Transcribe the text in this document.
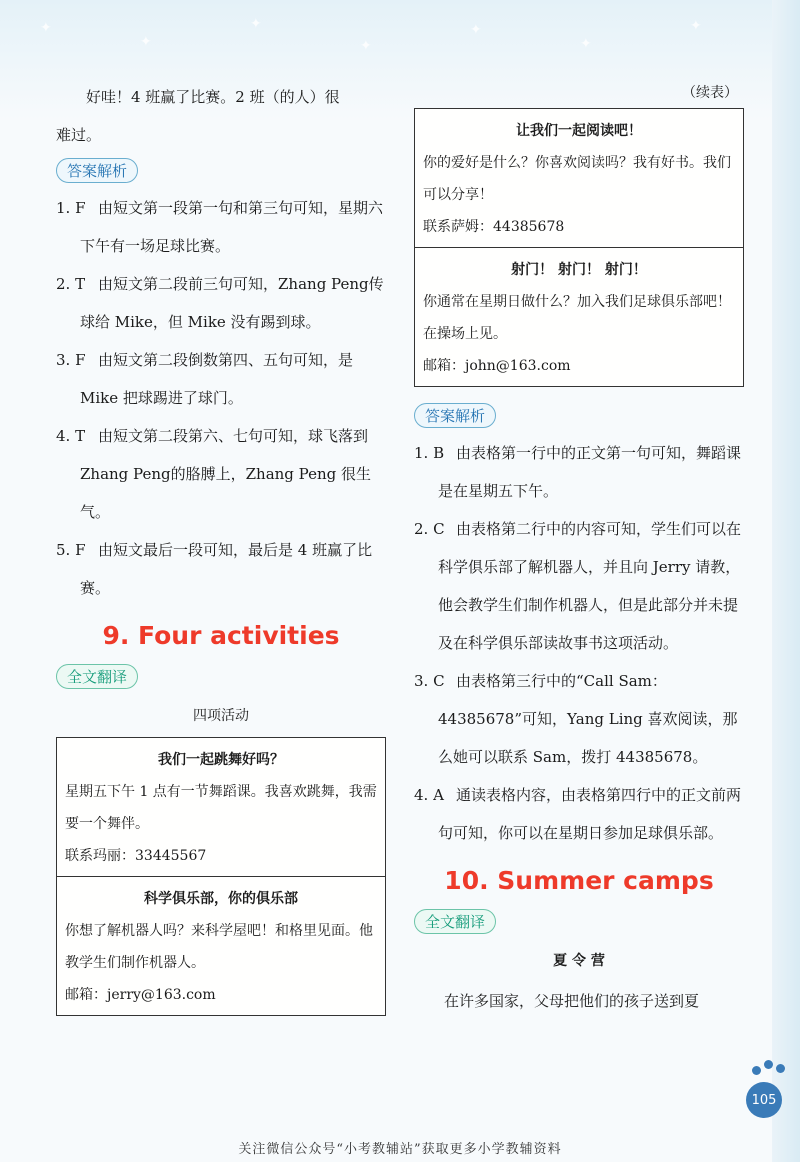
✦
✦
✦
✦
✦
✦
✦

好哇！4 班赢了比赛。2 班（的人）很

难过。

答案解析
1. F 由短文第一段第一句和第三句可知，星期六下午有一场足球比赛。
2. T 由短文第二段前三句可知，Zhang Peng传球给 Mike，但 Mike 没有踢到球。
3. F 由短文第二段倒数第四、五句可知，是Mike 把球踢进了球门。
4. T 由短文第二段第六、七句可知，球飞落到Zhang Peng的胳膊上，Zhang Peng 很生气。
5. F 由短文最后一段可知，最后是 4 班赢了比赛。
9. Four activities
全文翻译
四项活动
我们一起跳舞好吗？
星期五下午 1 点有一节舞蹈课。我喜欢跳舞，我需要一个舞伴。
联系玛丽：33445567
科学俱乐部，你的俱乐部
你想了解机器人吗？来科学屋吧！和格里见面。他教学生们制作机器人。
邮箱：jerry@163.com
（续表）
让我们一起阅读吧！
你的爱好是什么？你喜欢阅读吗？我有好书。我们可以分享！
联系萨姆：44385678
射门！ 射门！ 射门！
你通常在星期日做什么？加入我们足球俱乐部吧！在操场上见。
邮箱：john@163.com
答案解析
1. B 由表格第一行中的正文第一句可知，舞蹈课是在星期五下午。
2. C 由表格第二行中的内容可知，学生们可以在科学俱乐部了解机器人，并且向 Jerry 请教，他会教学生们制作机器人，但是此部分并未提及在科学俱乐部读故事书这项活动。
3. C 由表格第三行中的“Call Sam：44385678”可知，Yang Ling 喜欢阅读，那么她可以联系 Sam，拨打 44385678。
4. A 通读表格内容，由表格第四行中的正文前两句可知，你可以在星期日参加足球俱乐部。
10. Summer camps
全文翻译
夏 令 营

在许多国家，父母把他们的孩子送到夏

105
关注微信公众号“小考教辅站”获取更多小学教辅资料
